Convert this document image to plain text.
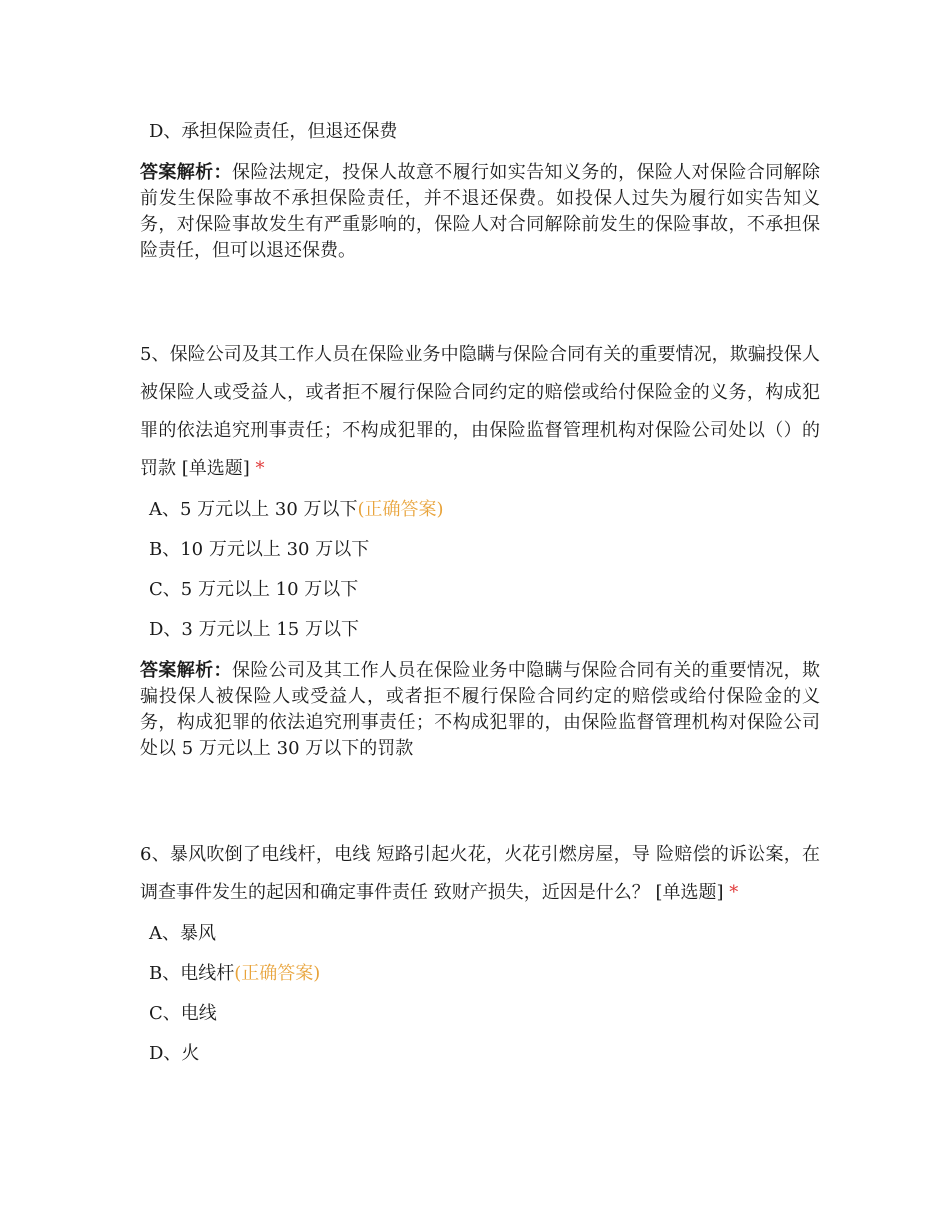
D、承担保险责任，但退还保费

答案解析：保险法规定，投保人故意不履行如实告知义务的，保险人对保险合同解除前发生保险事故不承担保险责任，并不退还保费。如投保人过失为履行如实告知义务，对保险事故发生有严重影响的，保险人对合同解除前发生的保险事故，不承担保险责任，但可以退还保费。

5、保险公司及其工作人员在保险业务中隐瞒与保险合同有关的重要情况，欺骗投保人被保险人或受益人，或者拒不履行保险合同约定的赔偿或给付保险金的义务，构成犯罪的依法追究刑事责任；不构成犯罪的，由保险监督管理机构对保险公司处以（）的罚款 [单选题] *

A、5 万元以上 30 万以下(正确答案)
B、10 万元以上 30 万以下
C、5 万元以上 10 万以下
D、3 万元以上 15 万以下

答案解析：保险公司及其工作人员在保险业务中隐瞒与保险合同有关的重要情况，欺骗投保人被保险人或受益人，或者拒不履行保险合同约定的赔偿或给付保险金的义务，构成犯罪的依法追究刑事责任；不构成犯罪的，由保险监督管理机构对保险公司处以 5 万元以上 30 万以下的罚款

6、暴风吹倒了电线杆，电线 短路引起火花，火花引燃房屋，导 险赔偿的诉讼案，在调查事件发生的起因和确定事件责任 致财产损失，近因是什么？ [单选题] *

A、暴风
B、电线杆(正确答案)
C、电线
D、火
